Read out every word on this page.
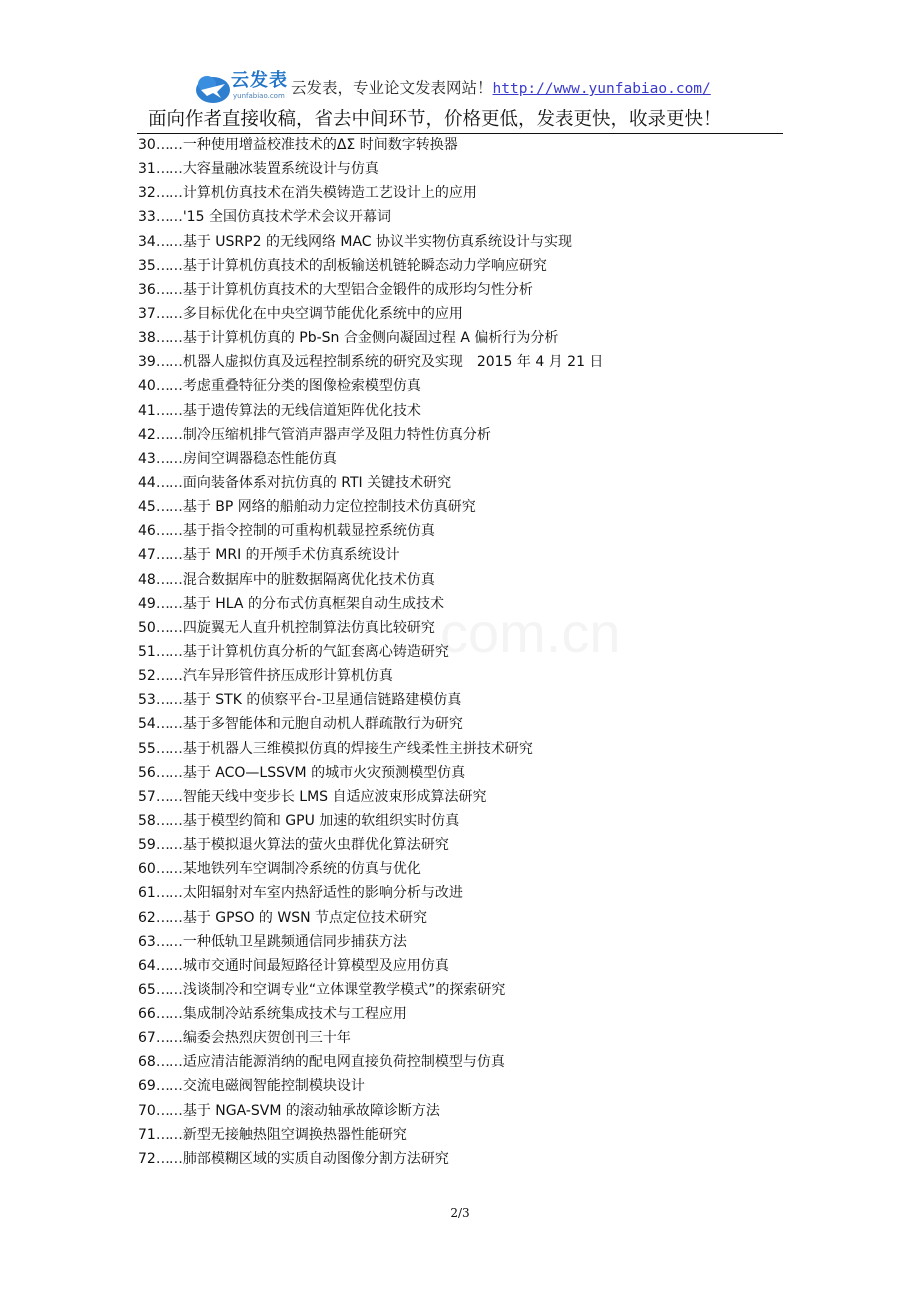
云发表
yunfabiao.com 云发表，专业论文发表网站！http://www.yunfabiao.com/
面向作者直接收稿，省去中间环节，价格更低，发表更快，收录更快！
30……一种使用增益校准技术的ΔΣ 时间数字转换器
31……大容量融冰装置系统设计与仿真
32……计算机仿真技术在消失模铸造工艺设计上的应用
33……'15 全国仿真技术学术会议开幕词
34……基于 USRP2 的无线网络 MAC 协议半实物仿真系统设计与实现
35……基于计算机仿真技术的刮板输送机链轮瞬态动力学响应研究
36……基于计算机仿真技术的大型铝合金锻件的成形均匀性分析
37……多目标优化在中央空调节能优化系统中的应用
38……基于计算机仿真的 Pb-Sn 合金侧向凝固过程 A 偏析行为分析
39……机器人虚拟仿真及远程控制系统的研究及实现　2015 年 4 月 21 日
40……考虑重叠特征分类的图像检索模型仿真
41……基于遗传算法的无线信道矩阵优化技术
42……制冷压缩机排气管消声器声学及阻力特性仿真分析
43……房间空调器稳态性能仿真
44……面向装备体系对抗仿真的 RTI 关键技术研究
45……基于 BP 网络的船舶动力定位控制技术仿真研究
46……基于指令控制的可重构机载显控系统仿真
47……基于 MRI 的开颅手术仿真系统设计
48……混合数据库中的脏数据隔离优化技术仿真
49……基于 HLA 的分布式仿真框架自动生成技术
50……四旋翼无人直升机控制算法仿真比较研究
51……基于计算机仿真分析的气缸套离心铸造研究
52……汽车异形管件挤压成形计算机仿真
53……基于 STK 的侦察平台-卫星通信链路建模仿真
54……基于多智能体和元胞自动机人群疏散行为研究
55……基于机器人三维模拟仿真的焊接生产线柔性主拼技术研究
56……基于 ACO—LSSVM 的城市火灾预测模型仿真
57……智能天线中变步长 LMS 自适应波束形成算法研究
58……基于模型约简和 GPU 加速的软组织实时仿真
59……基于模拟退火算法的萤火虫群优化算法研究
60……某地铁列车空调制冷系统的仿真与优化
61……太阳辐射对车室内热舒适性的影响分析与改进
62……基于 GPSO 的 WSN 节点定位技术研究
63……一种低轨卫星跳频通信同步捕获方法
64……城市交通时间最短路径计算模型及应用仿真
65……浅谈制冷和空调专业“立体课堂教学模式”的探索研究
66……集成制冷站系统集成技术与工程应用
67……编委会热烈庆贺创刊三十年
68……适应清洁能源消纳的配电网直接负荷控制模型与仿真
69……交流电磁阀智能控制模块设计
70……基于 NGA-SVM 的滚动轴承故障诊断方法
71……新型无接触热阻空调换热器性能研究
72……肺部模糊区域的实质自动图像分割方法研究
2/3
